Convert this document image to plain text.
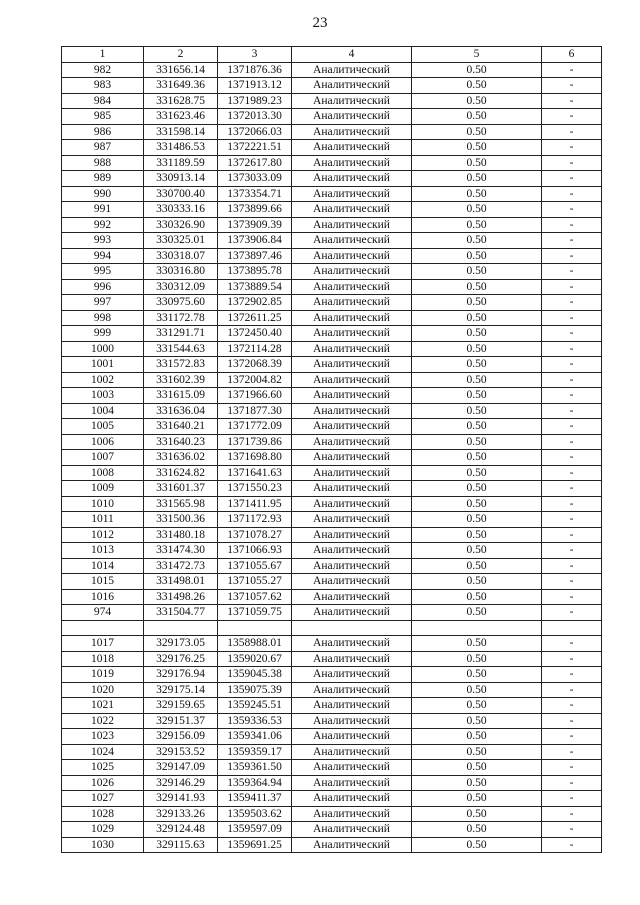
23
1	2	3	4	5	6
982	331656.14	1371876.36	Аналитический	0.50	-
983	331649.36	1371913.12	Аналитический	0.50	-
984	331628.75	1371989.23	Аналитический	0.50	-
985	331623.46	1372013.30	Аналитический	0.50	-
986	331598.14	1372066.03	Аналитический	0.50	-
987	331486.53	1372221.51	Аналитический	0.50	-
988	331189.59	1372617.80	Аналитический	0.50	-
989	330913.14	1373033.09	Аналитический	0.50	-
990	330700.40	1373354.71	Аналитический	0.50	-
991	330333.16	1373899.66	Аналитический	0.50	-
992	330326.90	1373909.39	Аналитический	0.50	-
993	330325.01	1373906.84	Аналитический	0.50	-
994	330318.07	1373897.46	Аналитический	0.50	-
995	330316.80	1373895.78	Аналитический	0.50	-
996	330312.09	1373889.54	Аналитический	0.50	-
997	330975.60	1372902.85	Аналитический	0.50	-
998	331172.78	1372611.25	Аналитический	0.50	-
999	331291.71	1372450.40	Аналитический	0.50	-
1000	331544.63	1372114.28	Аналитический	0.50	-
1001	331572.83	1372068.39	Аналитический	0.50	-
1002	331602.39	1372004.82	Аналитический	0.50	-
1003	331615.09	1371966.60	Аналитический	0.50	-
1004	331636.04	1371877.30	Аналитический	0.50	-
1005	331640.21	1371772.09	Аналитический	0.50	-
1006	331640.23	1371739.86	Аналитический	0.50	-
1007	331636.02	1371698.80	Аналитический	0.50	-
1008	331624.82	1371641.63	Аналитический	0.50	-
1009	331601.37	1371550.23	Аналитический	0.50	-
1010	331565.98	1371411.95	Аналитический	0.50	-
1011	331500.36	1371172.93	Аналитический	0.50	-
1012	331480.18	1371078.27	Аналитический	0.50	-
1013	331474.30	1371066.93	Аналитический	0.50	-
1014	331472.73	1371055.67	Аналитический	0.50	-
1015	331498.01	1371055.27	Аналитический	0.50	-
1016	331498.26	1371057.62	Аналитический	0.50	-
974	331504.77	1371059.75	Аналитический	0.50	-

1017	329173.05	1358988.01	Аналитический	0.50	-
1018	329176.25	1359020.67	Аналитический	0.50	-
1019	329176.94	1359045.38	Аналитический	0.50	-
1020	329175.14	1359075.39	Аналитический	0.50	-
1021	329159.65	1359245.51	Аналитический	0.50	-
1022	329151.37	1359336.53	Аналитический	0.50	-
1023	329156.09	1359341.06	Аналитический	0.50	-
1024	329153.52	1359359.17	Аналитический	0.50	-
1025	329147.09	1359361.50	Аналитический	0.50	-
1026	329146.29	1359364.94	Аналитический	0.50	-
1027	329141.93	1359411.37	Аналитический	0.50	-
1028	329133.26	1359503.62	Аналитический	0.50	-
1029	329124.48	1359597.09	Аналитический	0.50	-
1030	329115.63	1359691.25	Аналитический	0.50	-
